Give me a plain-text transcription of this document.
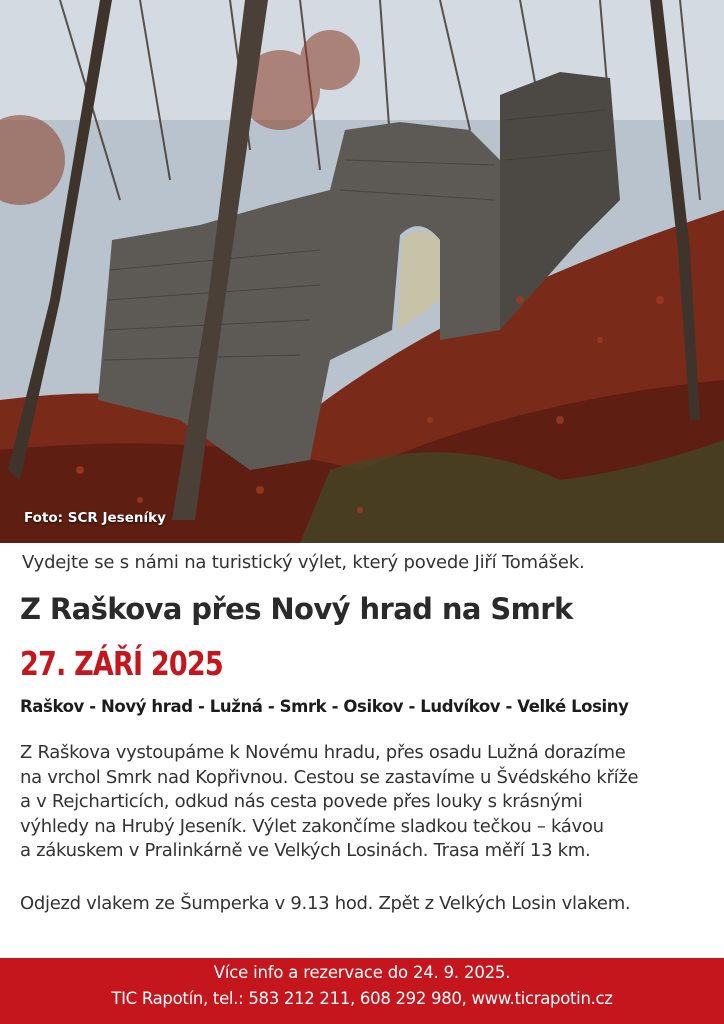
Foto: SCR Jeseníky
Vydejte se s námi na turistický výlet, který povede Jiří Tomášek.
Z Raškova přes Nový hrad na Smrk
27. ZÁŘÍ 2025
Raškov - Nový hrad - Lužná - Smrk - Osikov - Ludvíkov - Velké Losiny
Z Raškova vystoupáme k Novému hradu, přes osadu Lužná dorazíme
na vrchol Smrk nad Kopřivnou. Cestou se zastavíme u Švédského kříže
a v Rejcharticích, odkud nás cesta povede přes louky s krásnými
výhledy na Hrubý Jeseník. Výlet zakončíme sladkou tečkou – kávou
a zákuskem v Pralinkárně ve Velkých Losinách. Trasa měří 13 km.
Odjezd vlakem ze Šumperka v 9.13 hod. Zpět z Velkých Losin vlakem.
Více info a rezervace do 24. 9. 2025.
TIC Rapotín, tel.: 583 212 211, 608 292 980, www.ticrapotin.cz
